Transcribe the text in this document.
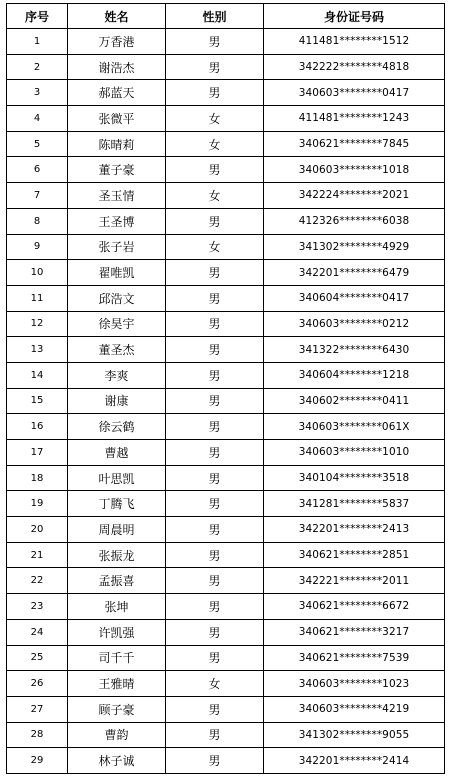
序号	姓名	性别	身份证号码
1	万香港	男	411481********1512
2	谢浩杰	男	342222********4818
3	郝蓝天	男	340603********0417
4	张微平	女	411481********1243
5	陈晴莉	女	340621********7845
6	董子豪	男	340603********1018
7	圣玉情	女	342224********2021
8	王圣博	男	412326********6038
9	张子岩	女	341302********4929
10	翟唯凯	男	342201********6479
11	邱浩文	男	340604********0417
12	徐昊宇	男	340603********0212
13	董圣杰	男	341322********6430
14	李爽	男	340604********1218
15	谢康	男	340602********0411
16	徐云鹤	男	340603********061X
17	曹越	男	340603********1010
18	叶思凯	男	340104********3518
19	丁腾飞	男	341281********5837
20	周晨明	男	342201********2413
21	张振龙	男	340621********2851
22	孟振喜	男	342221********2011
23	张坤	男	340621********6672
24	许凯强	男	340621********3217
25	司千千	男	340621********7539
26	王雅晴	女	340603********1023
27	顾子豪	男	340603********4219
28	曹韵	男	341302********9055
29	林子诚	男	342201********2414
